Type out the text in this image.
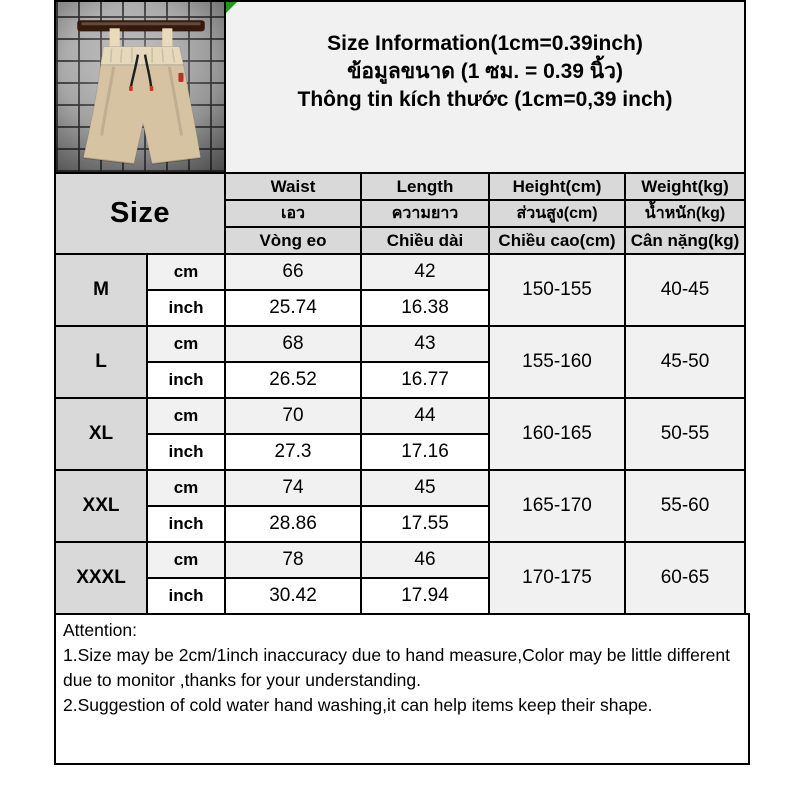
Size Information(1cm=0.39inch)
ข้อมูลขนาด (1 ซม. = 0.39 นิ้ว)
Thông tin kích thước (1cm=0,39 inch)			

Size		Waist	Length	Height(cm)	Weight(kg)
		เอว	ความยาว	ส่วนสูง(cm)	น้ำหนัก(kg)
		Vòng eo	Chiều dài	Chiều cao(cm)	Cân nặng(kg)
M	cm	66	42	150-155	40-45
	inch	25.74	16.38		
L	cm	68	43	155-160	45-50
	inch	26.52	16.77		
XL	cm	70	44	160-165	50-55
	inch	27.3	17.16		
XXL	cm	74	45	165-170	55-60
	inch	28.86	17.55		
XXXL	cm	78	46	170-175	60-65
	inch	30.42	17.94		

Attention:

1.Size may be 2cm/1inch inaccuracy due to hand measure,Color may be little different due to monitor ,thanks for your understanding.

2.Suggestion of cold water hand washing,it can help items keep their shape.
